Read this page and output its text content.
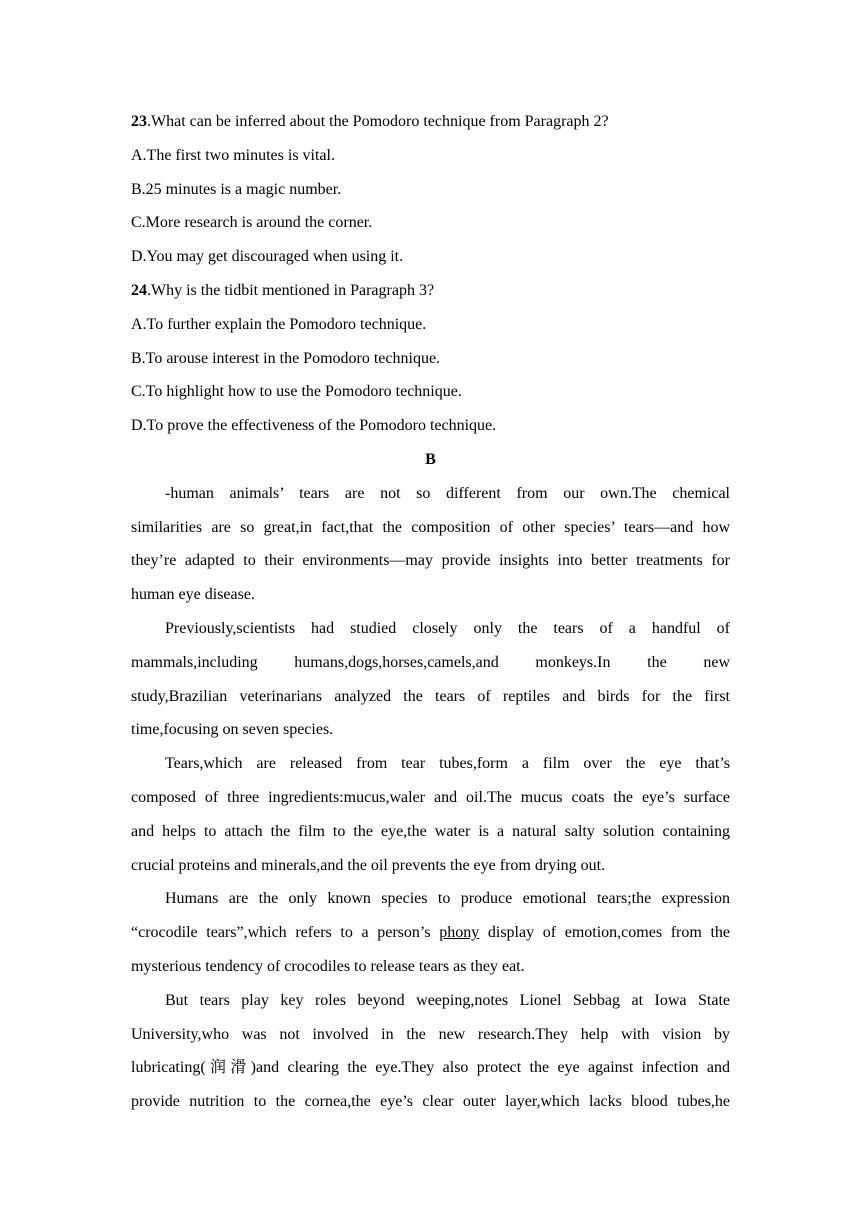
23.What can be inferred about the Pomodoro technique from Paragraph 2?
A.The first two minutes is vital.
B.25 minutes is a magic number.
C.More research is around the corner.
D.You may get discouraged when using it.
24.Why is the tidbit mentioned in Paragraph 3?
A.To further explain the Pomodoro technique.
B.To arouse interest in the Pomodoro technique.
C.To highlight how to use the Pomodoro technique.
D.To prove the effectiveness of the Pomodoro technique.
B
-human animals’ tears are not so different from our own.The chemical
similarities are so great,in fact,that the composition of other species’ tears—and how
they’re adapted to their environments—may provide insights into better treatments for
human eye disease.
Previously,scientists had studied closely only the tears of a handful of
mammals,including humans,dogs,horses,camels,and monkeys.In the new
study,Brazilian veterinarians analyzed the tears of reptiles and birds for the first
time,focusing on seven species.
Tears,which are released from tear tubes,form a film over the eye that’s
composed of three ingredients:mucus,waler and oil.The mucus coats the eye’s surface
and helps to attach the film to the eye,the water is a natural salty solution containing
crucial proteins and minerals,and the oil prevents the eye from drying out.
Humans are the only known species to produce emotional tears;the expression
“crocodile tears”,which refers to a person’s phony display of emotion,comes from the
mysterious tendency of crocodiles to release tears as they eat.
But tears play key roles beyond weeping,notes Lionel Sebbag at Iowa State
University,who was not involved in the new research.They help with vision by
lubricating(润滑)and clearing the eye.They also protect the eye against infection and
provide nutrition to the cornea,the eye’s clear outer layer,which lacks blood tubes,he
